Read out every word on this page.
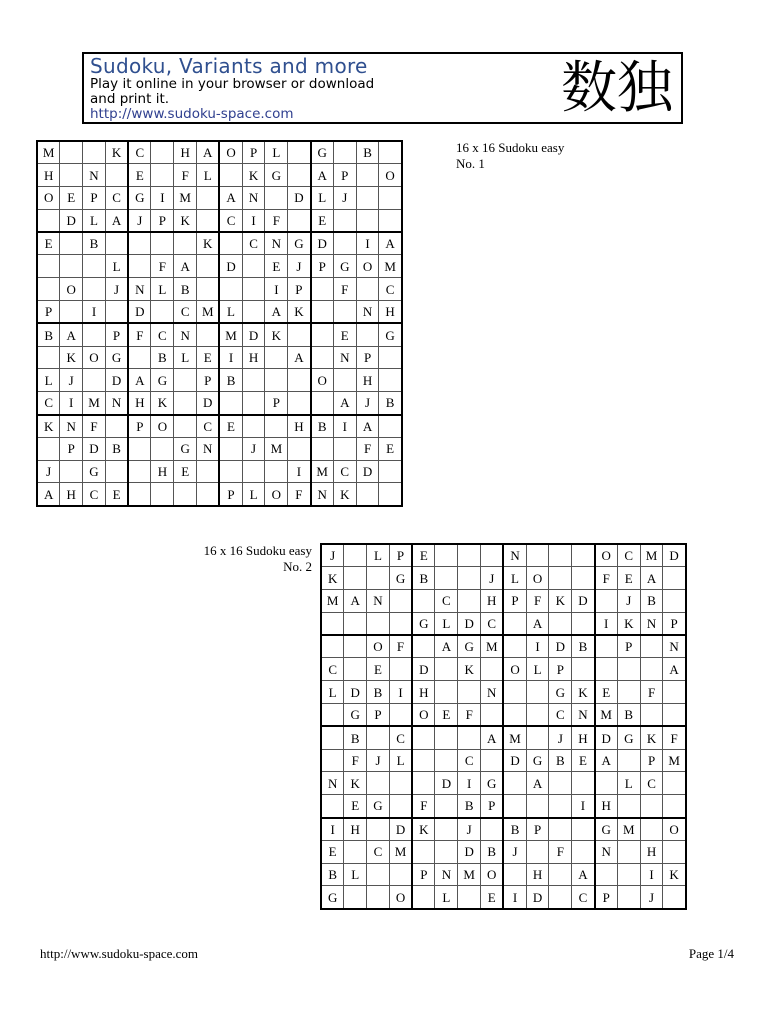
Sudoku, Variants and more
Play it online in your browser or download
and print it.
http://www.sudoku-space.com	数独
M			K	C		H	A	O	P	L		G		B	
H		N		E		F	L		K	G		A	P		O
O	E	P	C	G	I	M		A	N		D	L	J		
	D	L	A	J	P	K		C	I	F		E			
E		B					K		C	N	G	D		I	A
			L		F	A		D		E	J	P	G	O	M
	O		J	N	L	B				I	P		F		C
P		I		D		C	M	L		A	K			N	H
B	A		P	F	C	N		M	D	K			E		G
	K	O	G		B	L	E	I	H		A		N	P	
L	J		D	A	G		P	B				O		H	
C	I	M	N	H	K		D			P			A	J	B
K	N	F		P	O		C	E			H	B	I	A	
	P	D	B			G	N		J	M				F	E
J		G			H	E					I	M	C	D	
A	H	C	E					P	L	O	F	N	K		
16 x 16 Sudoku easy
No. 1
J		L	P	E				N				O	C	M	D
K			G	B			J	L	O			F	E	A	
M	A	N			C		H	P	F	K	D		J	B	
				G	L	D	C		A			I	K	N	P
		O	F		A	G	M		I	D	B		P		N
C		E		D		K		O	L	P					A
L	D	B	I	H			N			G	K	E		F	
	G	P		O	E	F				C	N	M	B		
	B		C				A	M		J	H	D	G	K	F
	F	J	L			C		D	G	B	E	A		P	M
N	K				D	I	G		A				L	C	
	E	G		F		B	P				I	H			
I	H		D	K		J		B	P			G	M		O
E		C	M			D	B	J		F		N		H	
B	L			P	N	M	O		H		A			I	K
G			O		L		E	I	D		C	P		J	
16 x 16 Sudoku easy
No. 2
http://www.sudoku-space.com	Page 1/4
